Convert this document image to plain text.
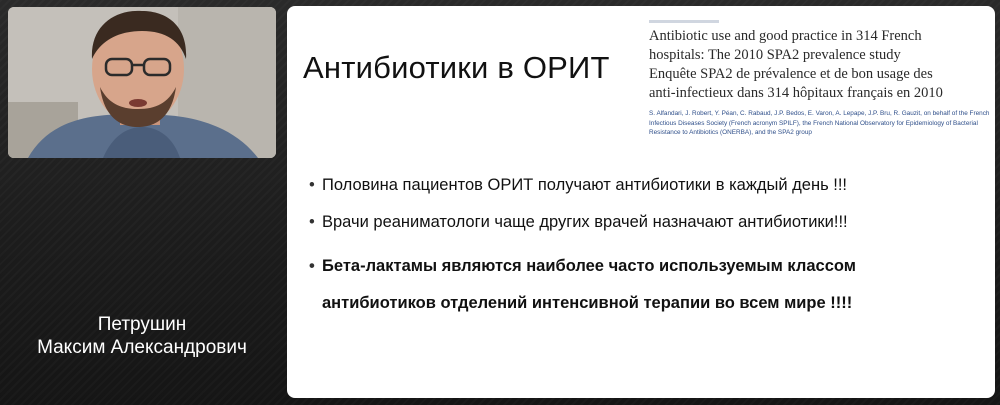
Петрушин
Максим Александрович
Антибиотики в ОРИТ
Antibiotic use and good practice in 314 French
hospitals: The 2010 SPA2 prevalence study
Enquête SPA2 de prévalence et de bon usage des
anti-infectieux dans 314 hôpitaux français en 2010
S. Alfandari, J. Robert, Y. Péan, C. Rabaud, J.P. Bedos, E. Varon, A. Lepape, J.P. Bru, R. Gauzit, on behalf of the French Infectious Diseases Society (French acronym SPILF), the French National Observatory for Epidemiology of Bacterial Resistance to Antibiotics (ONERBA), and the SPA2 group
• Половина пациентов ОРИТ получают антибиотики в каждый день !!!
• Врачи реаниматологи чаще других врачей назначают антибиотики!!!
• Бета-лактамы являются наиболее часто используемым классом
антибиотиков отделений интенсивной терапии во всем мире !!!!
